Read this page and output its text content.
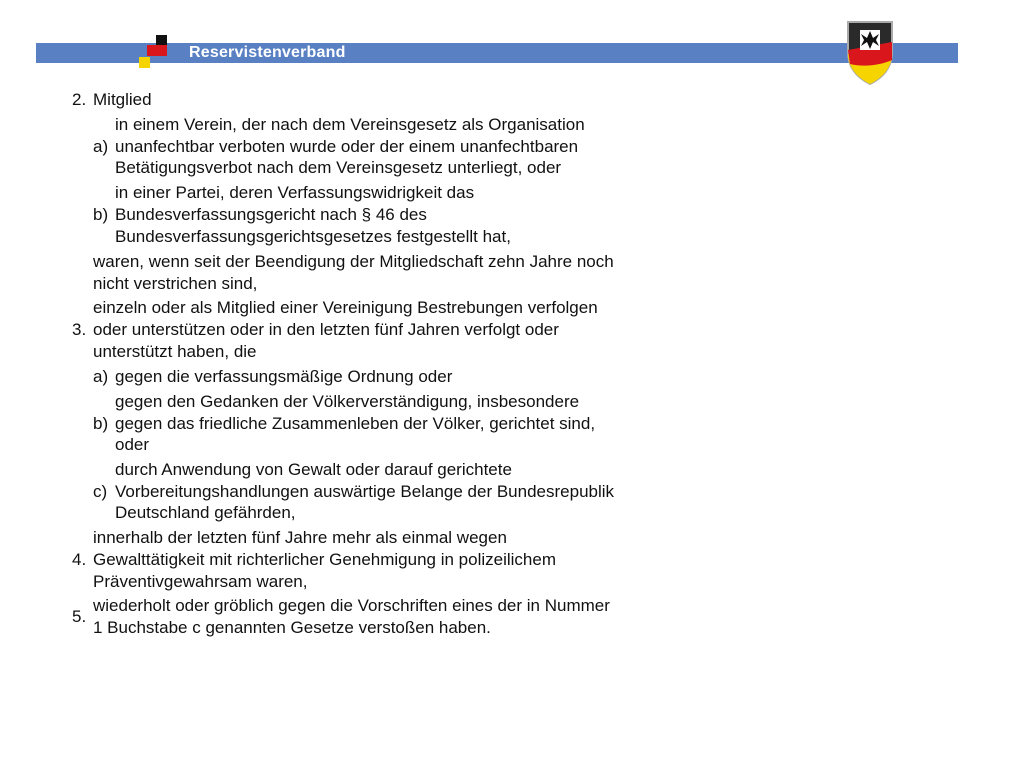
Reservistenverband
2. Mitglied
a)
in einem Verein, der nach dem Vereinsgesetz als Organisation
unanfechtbar verboten wurde oder der einem unanfechtbaren
Betätigungsverbot nach dem Vereinsgesetz unterliegt, oder
b)
in einer Partei, deren Verfassungswidrigkeit das
Bundesverfassungsgericht nach § 46 des
Bundesverfassungsgerichtsgesetzes festgestellt hat,
waren, wenn seit der Beendigung der Mitgliedschaft zehn Jahre noch
nicht verstrichen sind,
3.
einzeln oder als Mitglied einer Vereinigung Bestrebungen verfolgen
oder unterstützen oder in den letzten fünf Jahren verfolgt oder
unterstützt haben, die
a) gegen die verfassungsmäßige Ordnung oder
b)
gegen den Gedanken der Völkerverständigung, insbesondere
gegen das friedliche Zusammenleben der Völker, gerichtet sind,
oder
c)
durch Anwendung von Gewalt oder darauf gerichtete
Vorbereitungshandlungen auswärtige Belange der Bundesrepublik
Deutschland gefährden,
4.
innerhalb der letzten fünf Jahre mehr als einmal wegen
Gewalttätigkeit mit richterlicher Genehmigung in polizeilichem
Präventivgewahrsam waren,
5.
wiederholt oder gröblich gegen die Vorschriften eines der in Nummer
1 Buchstabe c genannten Gesetze verstoßen haben.
